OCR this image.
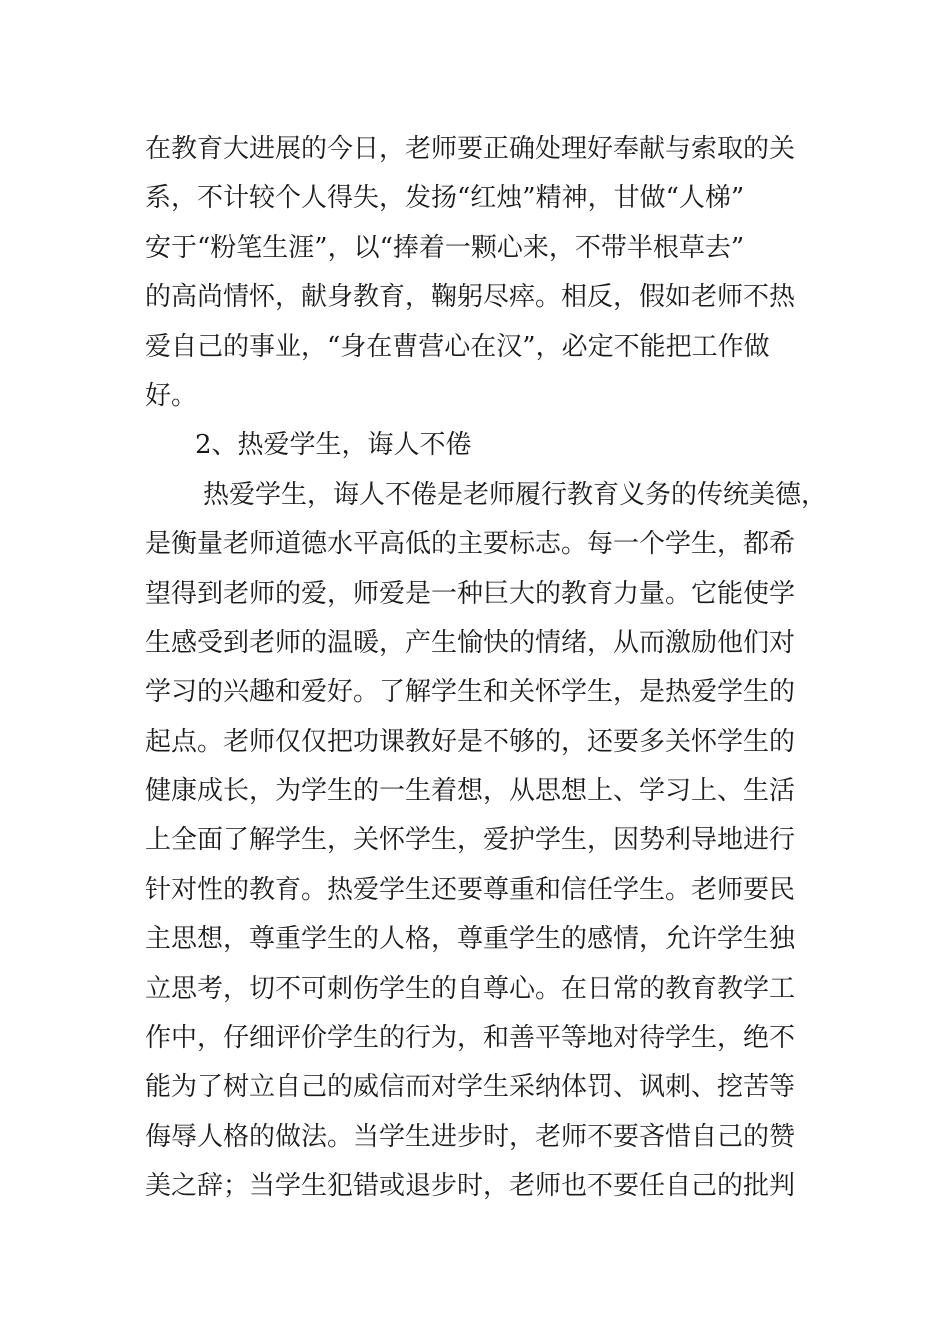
在教育大进展的今日，老师要正确处理好奉献与索取的关
系，不计较个人得失，发扬“红烛”精神，甘做“人梯”
安于“粉笔生涯”，以“捧着一颗心来，不带半根草去”
的高尚情怀，献身教育，鞠躬尽瘁。相反，假如老师不热
爱自己的事业，“身在曹营心在汉”，必定不能把工作做
好。
2、热爱学生，诲人不倦
热爱学生，诲人不倦是老师履行教育义务的传统美德，
是衡量老师道德水平高低的主要标志。每一个学生，都希
望得到老师的爱，师爱是一种巨大的教育力量。它能使学
生感受到老师的温暖，产生愉快的情绪，从而激励他们对
学习的兴趣和爱好。了解学生和关怀学生，是热爱学生的
起点。老师仅仅把功课教好是不够的，还要多关怀学生的
健康成长，为学生的一生着想，从思想上、学习上、生活
上全面了解学生，关怀学生，爱护学生，因势利导地进行
针对性的教育。热爱学生还要尊重和信任学生。老师要民
主思想，尊重学生的人格，尊重学生的感情，允许学生独
立思考，切不可刺伤学生的自尊心。在日常的教育教学工
作中，仔细评价学生的行为，和善平等地对待学生，绝不
能为了树立自己的威信而对学生采纳体罚、讽刺、挖苦等
侮辱人格的做法。当学生进步时，老师不要吝惜自己的赞
美之辞；当学生犯错或退步时，老师也不要任自己的批判
